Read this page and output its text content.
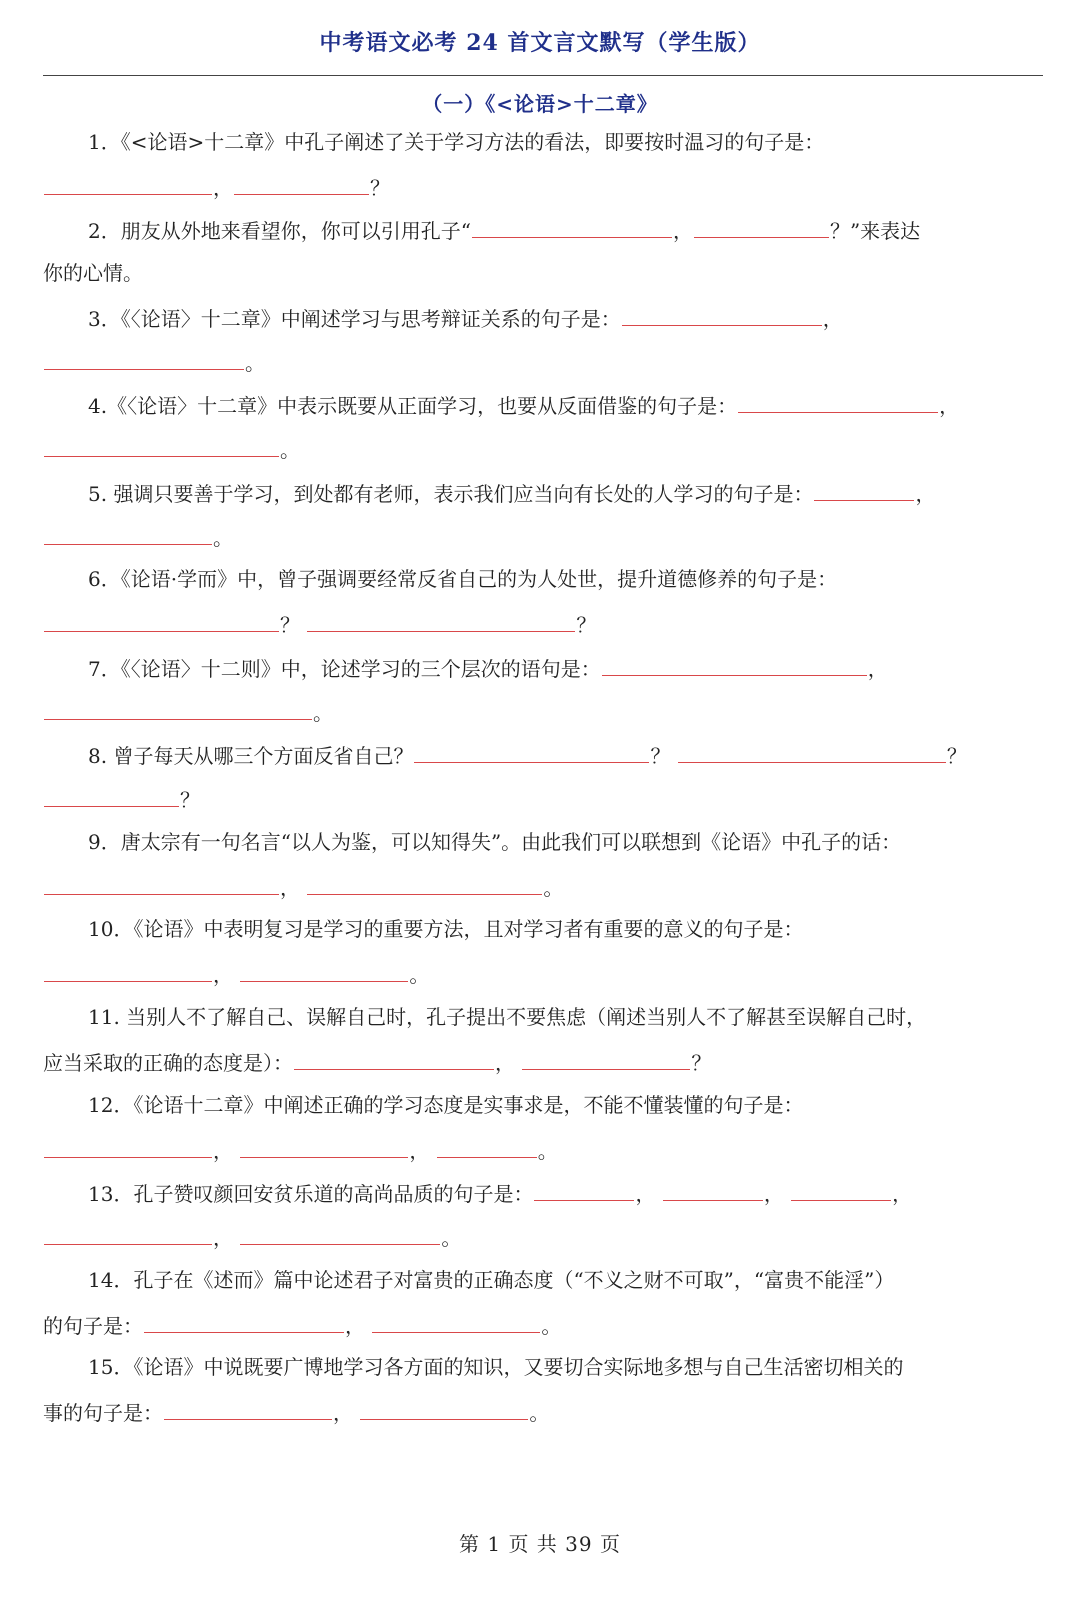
中考语文必考 24 首文言文默写（学生版）
（一）《<论语>十二章》
1．《<论语>十二章》中孔子阐述了关于学习方法的看法，即要按时温习的句子是：
，	？
2．朋友从外地来看望你，你可以引用孔子“	，	？”来表达
你的心情。
3．《〈论语〉十二章》中阐述学习与思考辩证关系的句子是：	，
。
4.《〈论语〉十二章》中表示既要从正面学习，也要从反面借鉴的句子是：	，
。
5. 强调只要善于学习，到处都有老师，表示我们应当向有长处的人学习的句子是：	，
。
6．《论语·学而》中，曾子强调要经常反省自己的为人处世，提升道德修养的句子是：
？	？
7．《〈论语〉十二则》中，论述学习的三个层次的语句是：	，
。
8. 曾子每天从哪三个方面反省自己？	？	？
？
9．唐太宗有一句名言“以人为鉴，可以知得失”。由此我们可以联想到《论语》中孔子的话：
，	。
10．《论语》中表明复习是学习的重要方法，且对学习者有重要的意义的句子是：
，	。
11. 当别人不了解自己、误解自己时，孔子提出不要焦虑（阐述当别人不了解甚至误解自己时，
应当采取的正确的态度是）：	，	？
12．《论语十二章》中阐述正确的学习态度是实事求是，不能不懂装懂的句子是：
，	，	。
13．孔子赞叹颜回安贫乐道的高尚品质的句子是：	，	，	，
，	。
14．孔子在《述而》篇中论述君子对富贵的正确态度（“不义之财不可取”，“富贵不能淫”）
的句子是：	，	。
15．《论语》中说既要广博地学习各方面的知识，又要切合实际地多想与自己生活密切相关的
事的句子是：	，	。
第 1 页 共 39 页
